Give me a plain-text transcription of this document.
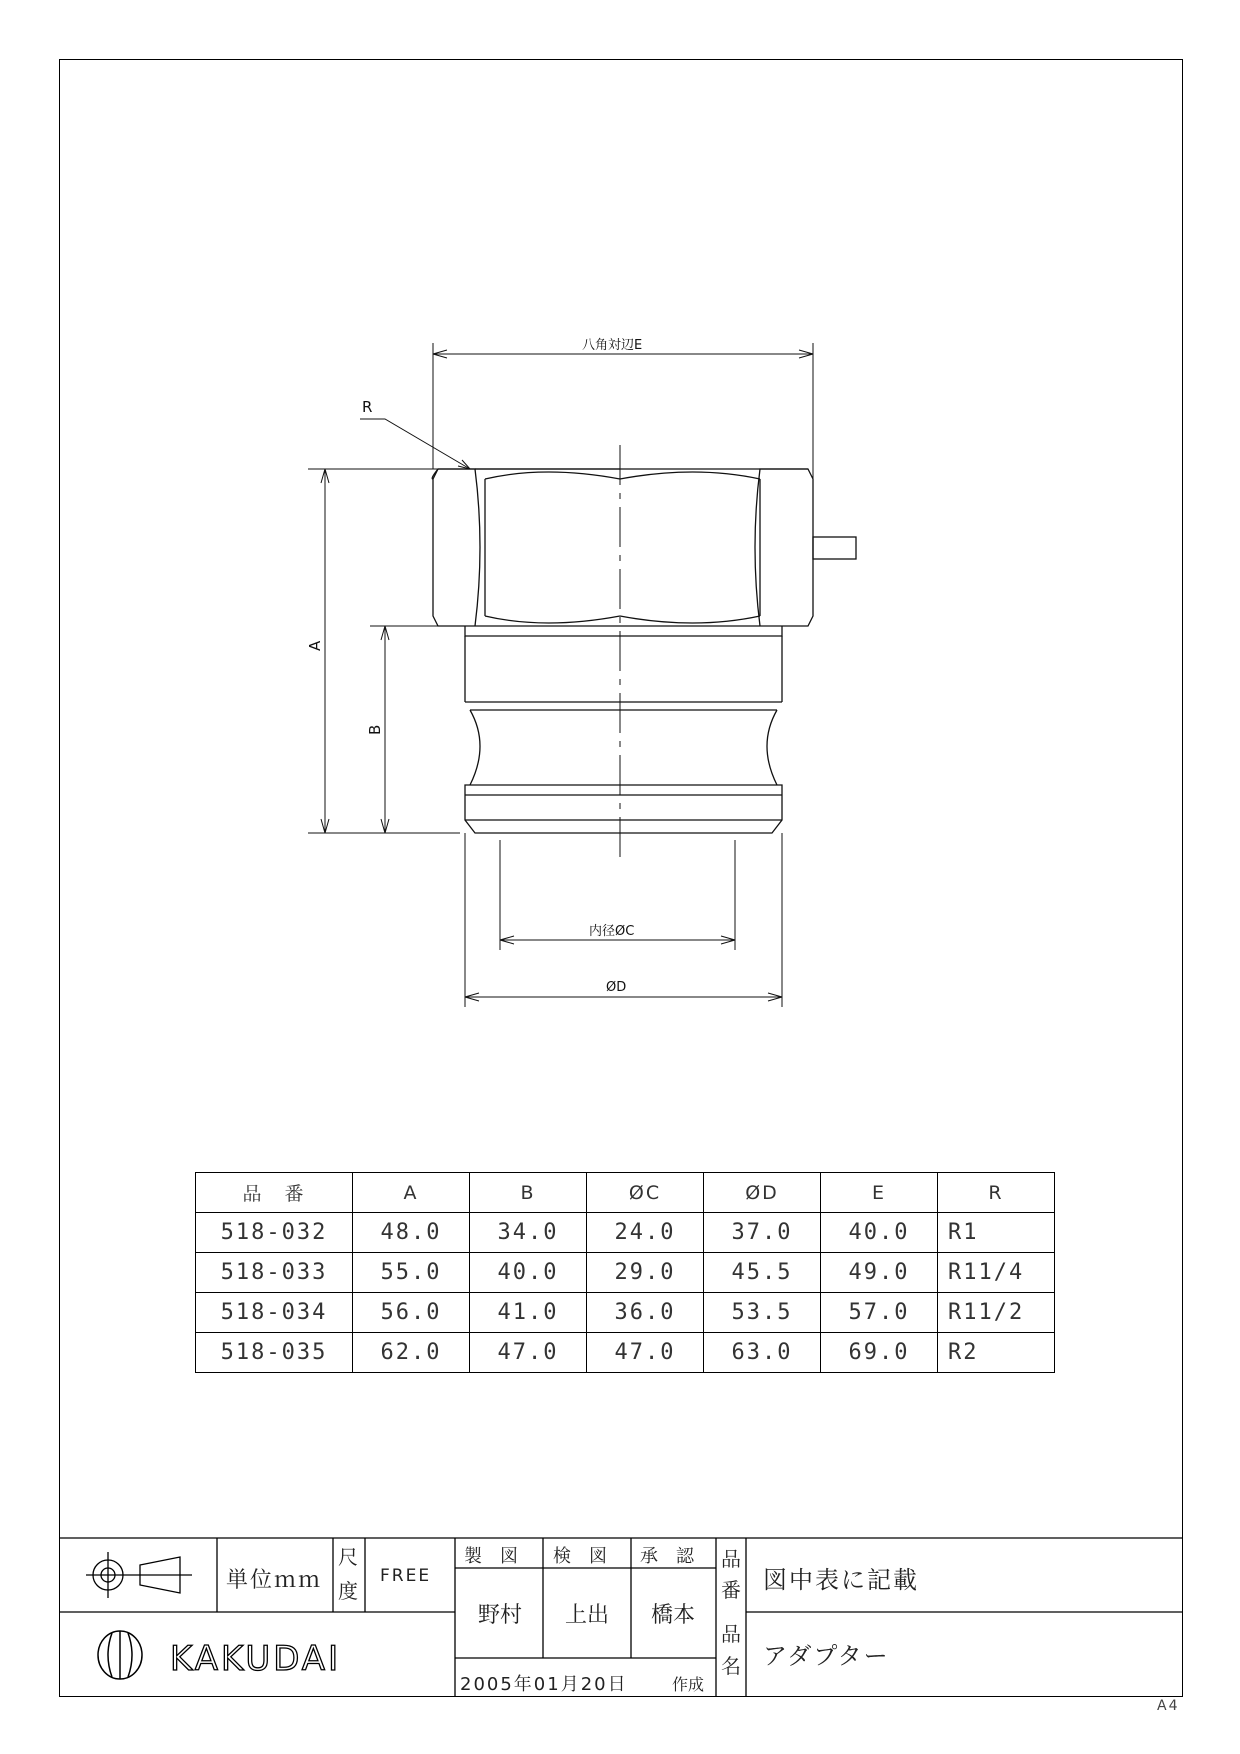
八角対辺E
R
A
B
内径ØC
ØD
KAKUDAI
品　番	A	B	ØC	ØD	E	R
518-032	48.0	34.0	24.0	37.0	40.0	R1
518-033	55.0	40.0	29.0	45.5	49.0	R11/4
518-034	56.0	41.0	36.0	53.5	57.0	R11/2
518-035	62.0	47.0	47.0	63.0	69.0	R2
単位ｍｍ
尺
度
FREE
製　図 検　図 承　認
野村 上出 橋本
2005年01月20日	作成
品
番 図中表に記載
品
名 アダプター
A4
